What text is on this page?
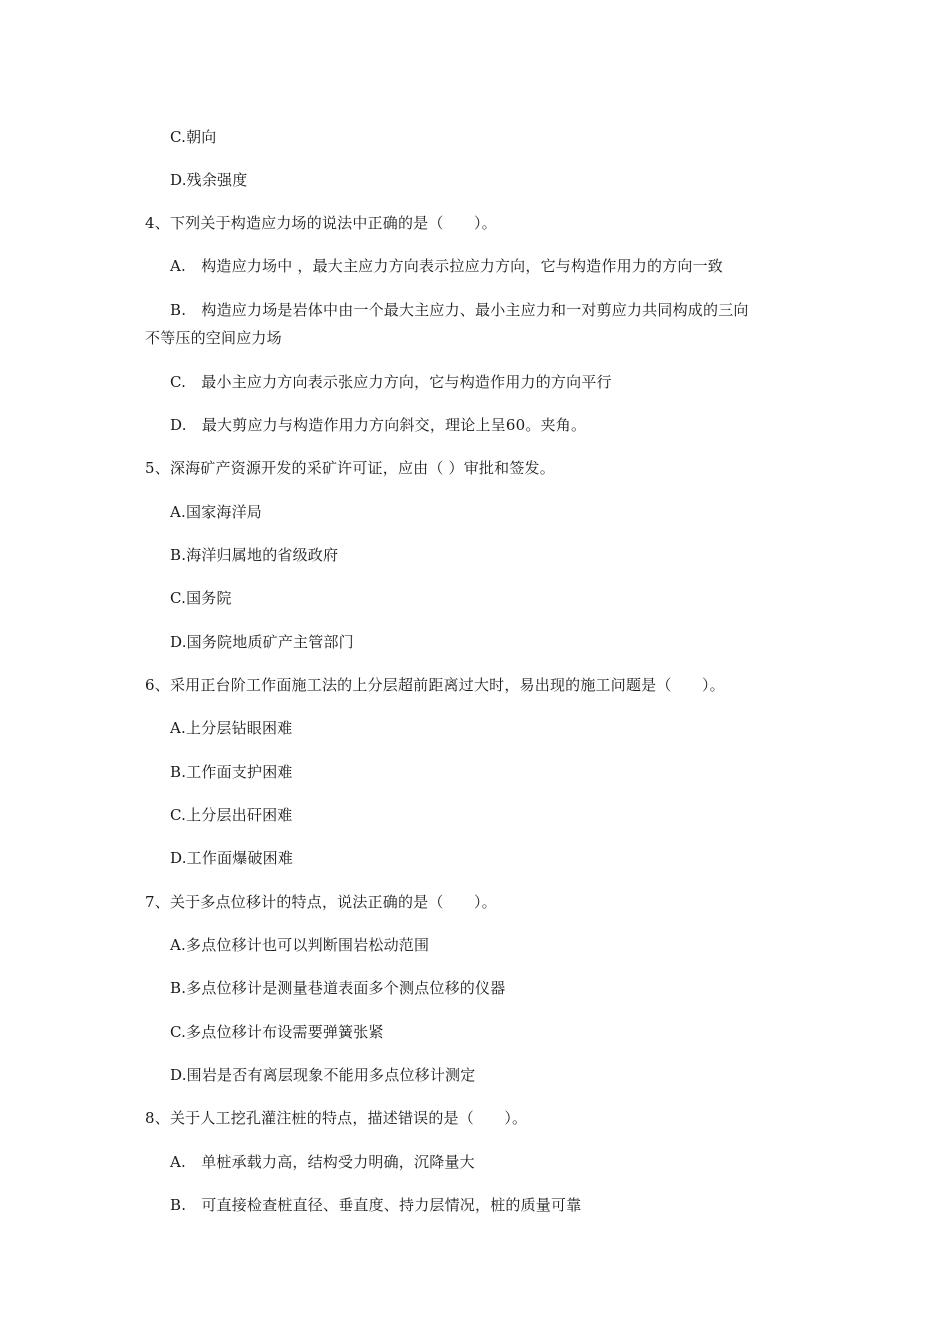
C.朝向
D.残余强度
4、下列关于构造应力场的说法中正确的是（　　）。
A.　构造应力场中 ，最大主应力方向表示拉应力方向，它与构造作用力的方向一致
B.　构造应力场是岩体中由一个最大主应力、最小主应力和一对剪应力共同构成的三向
不等压的空间应力场
C.　最小主应力方向表示张应力方向，它与构造作用力的方向平行
D.　最大剪应力与构造作用力方向斜交，理论上呈60。夹角。
5、深海矿产资源开发的采矿许可证，应由（ ）审批和签发。
A.国家海洋局
B.海洋归属地的省级政府
C.国务院
D.国务院地质矿产主管部门
6、采用正台阶工作面施工法的上分层超前距离过大时，易出现的施工问题是（　　）。
A.上分层钻眼困难
B.工作面支护困难
C.上分层出矸困难
D.工作面爆破困难
7、关于多点位移计的特点，说法正确的是（　　）。
A.多点位移计也可以判断围岩松动范围
B.多点位移计是测量巷道表面多个测点位移的仪器
C.多点位移计布设需要弹簧张紧
D.围岩是否有离层现象不能用多点位移计测定
8、关于人工挖孔灌注桩的特点，描述错误的是（　　）。
A.　单桩承载力高，结构受力明确，沉降量大
B.　可直接检查桩直径、垂直度、持力层情况，桩的质量可靠
